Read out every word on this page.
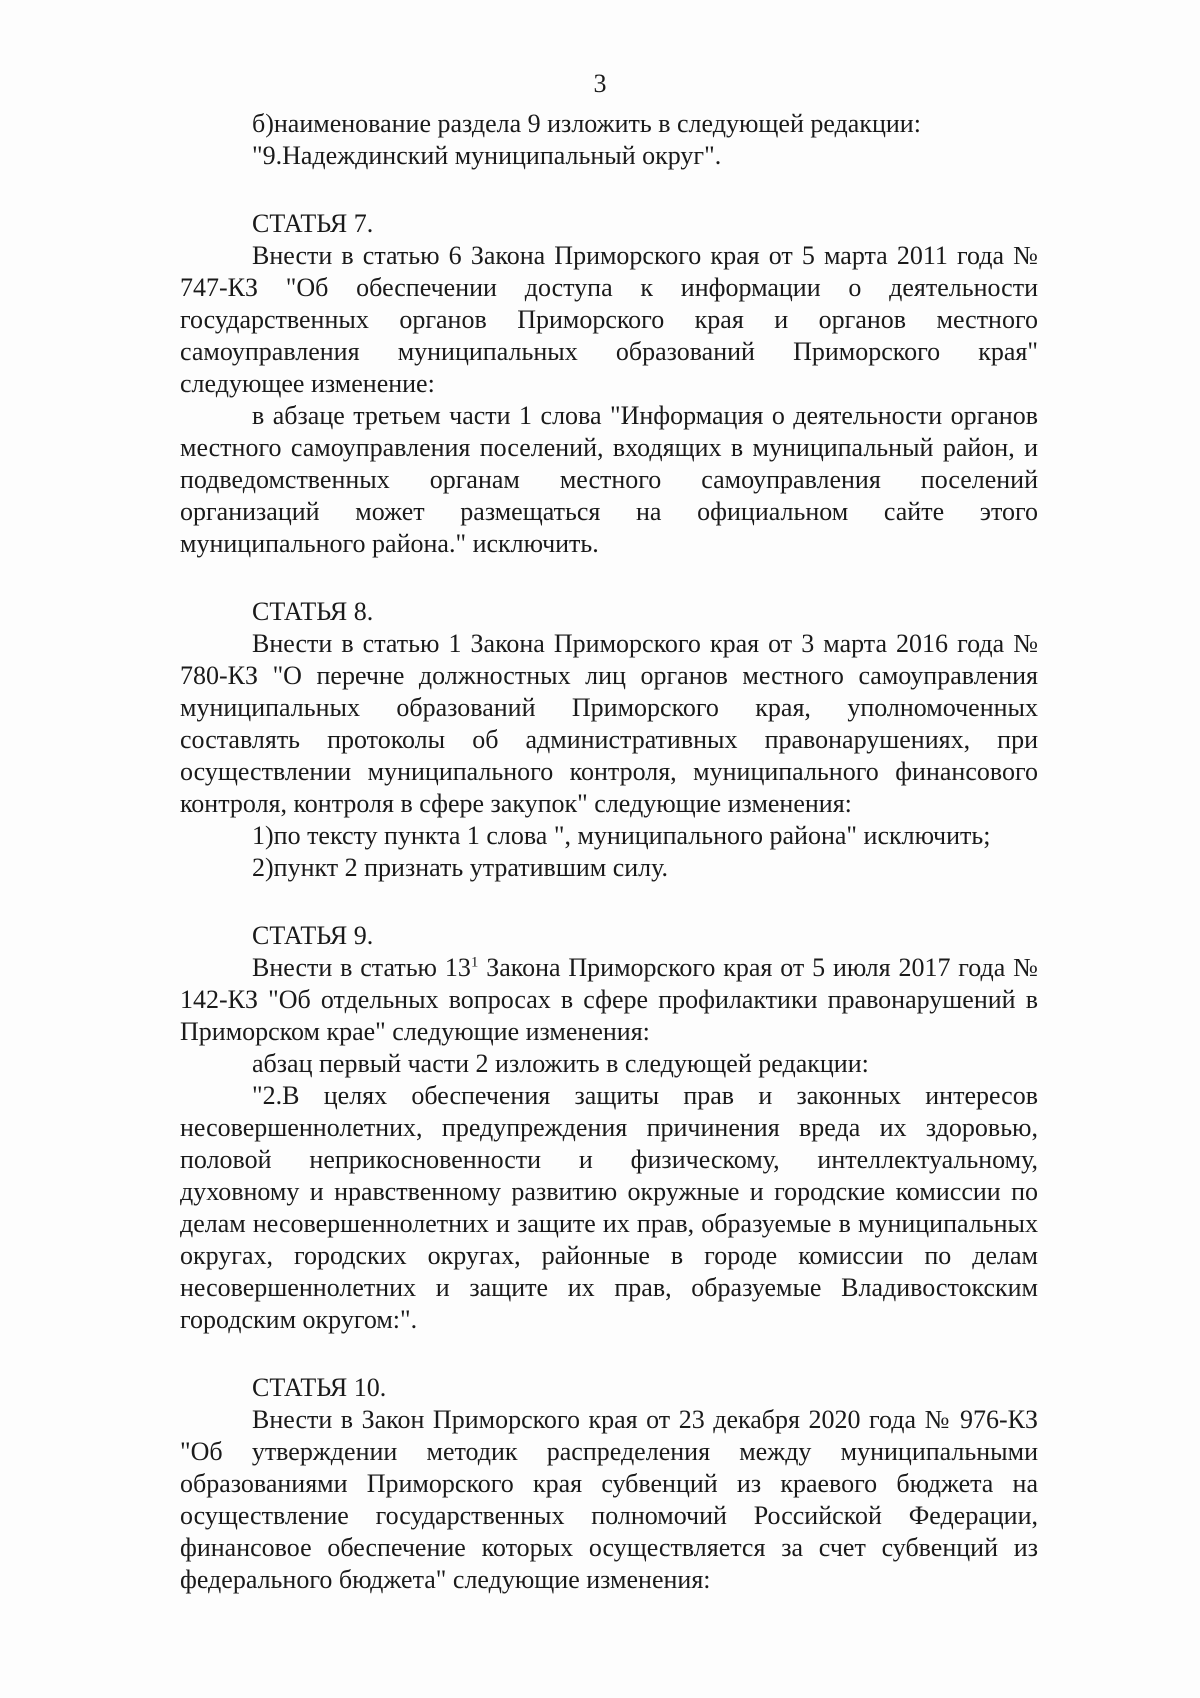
3

б)наименование раздела 9 изложить в следующей редакции:

"9.Надеждинский муниципальный округ".

СТАТЬЯ 7.

Внести в статью 6 Закона Приморского края от 5 марта 2011 года № 747-КЗ "Об обеспечении доступа к информации о деятельности государственных органов Приморского края и органов местного самоуправления муниципальных образований Приморского края" следующее изменение:

в абзаце третьем части 1 слова "Информация о деятельности органов местного самоуправления поселений, входящих в муниципальный район, и подведомственных органам местного самоуправления поселений организаций может размещаться на официальном сайте этого муниципального района." исключить.

СТАТЬЯ 8.

Внести в статью 1 Закона Приморского края от 3 марта 2016 года № 780-КЗ "О перечне должностных лиц органов местного самоуправления муниципальных образований Приморского края, уполномоченных составлять протоколы об административных правонарушениях, при осуществлении муниципального контроля, муниципального финансового контроля, контроля в сфере закупок" следующие изменения:

1)по тексту пункта 1 слова ", муниципального района" исключить;

2)пункт 2 признать утратившим силу.

СТАТЬЯ 9.

Внести в статью $13^1$ Закона Приморского края от 5 июля 2017 года № 142-КЗ "Об отдельных вопросах в сфере профилактики правонарушений в Приморском крае" следующие изменения:

абзац первый части 2 изложить в следующей редакции:

"2.В целях обеспечения защиты прав и законных интересов несовершеннолетних, предупреждения причинения вреда их здоровью, половой неприкосновенности и физическому, интеллектуальному, духовному и нравственному развитию окружные и городские комиссии по делам несовершеннолетних и защите их прав, образуемые в муниципальных округах, городских округах, районные в городе комиссии по делам несовершеннолетних и защите их прав, образуемые Владивостокским городским округом:".

СТАТЬЯ 10.

Внести в Закон Приморского края от 23 декабря 2020 года № 976-КЗ "Об утверждении методик распределения между муниципальными образованиями Приморского края субвенций из краевого бюджета на осуществление государственных полномочий Российской Федерации, финансовое обеспечение которых осуществляется за счет субвенций из федерального бюджета" следующие изменения:
